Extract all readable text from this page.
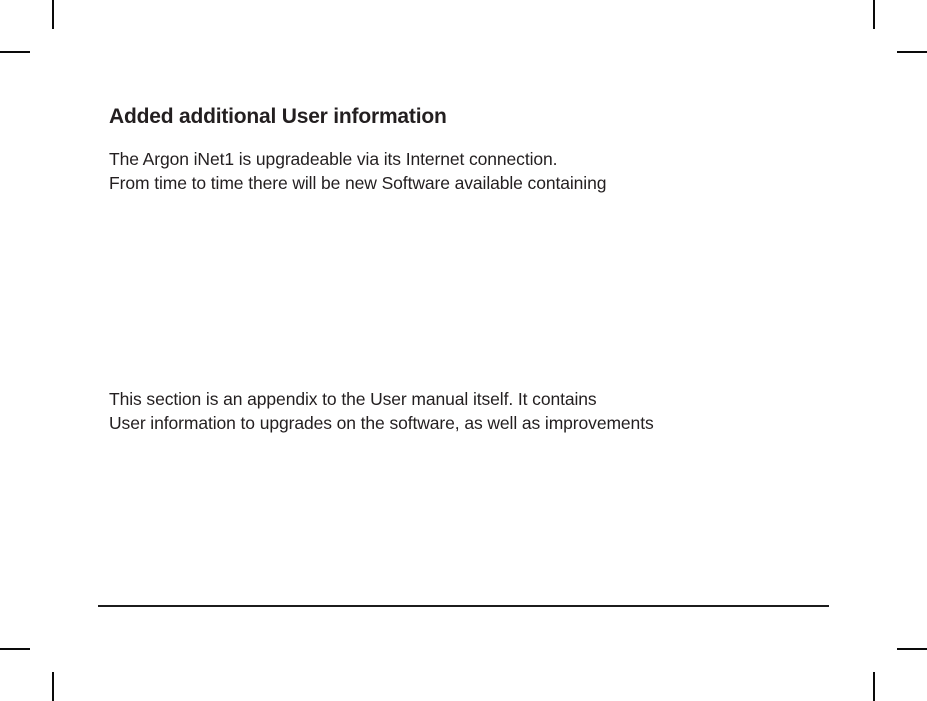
Added additional User information
The Argon iNet1 is upgradeable via its Internet connection.
From time to time there will be new Software available containing
This section is an appendix to the User manual itself. It contains
User information to upgrades on the software, as well as improvements
